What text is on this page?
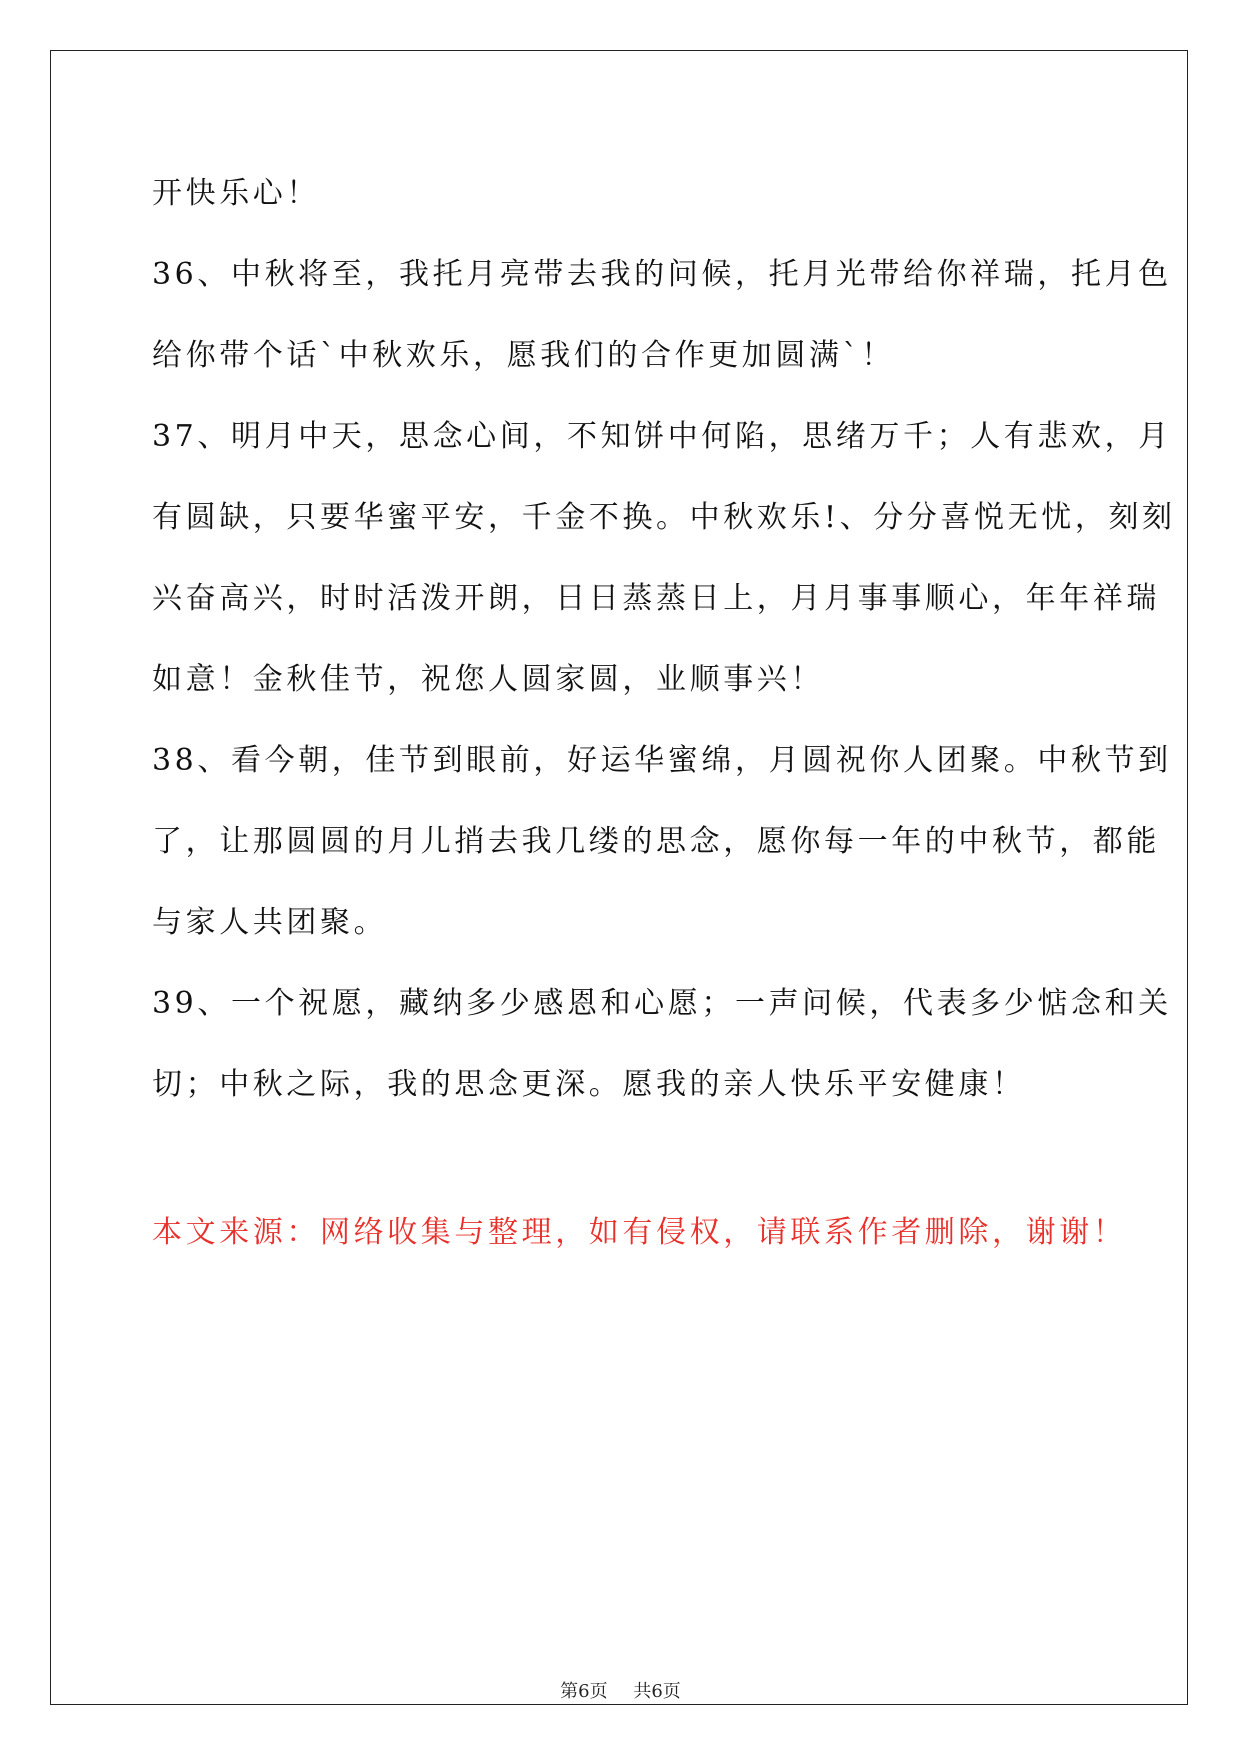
开快乐心！
36、中秋将至，我托月亮带去我的问候，托月光带给你祥瑞，托月色
给你带个话`中秋欢乐，愿我们的合作更加圆满`！
37、明月中天，思念心间，不知饼中何陷，思绪万千；人有悲欢，月
有圆缺，只要华蜜平安，千金不换。中秋欢乐!、分分喜悦无忧，刻刻
兴奋高兴，时时活泼开朗，日日蒸蒸日上，月月事事顺心，年年祥瑞
如意！金秋佳节，祝您人圆家圆，业顺事兴！
38、看今朝，佳节到眼前，好运华蜜绵，月圆祝你人团聚。中秋节到
了，让那圆圆的月儿捎去我几缕的思念，愿你每一年的中秋节，都能
与家人共团聚。
39、一个祝愿，藏纳多少感恩和心愿；一声问候，代表多少惦念和关
切；中秋之际，我的思念更深。愿我的亲人快乐平安健康！
本文来源：网络收集与整理，如有侵权，请联系作者删除，谢谢！
第6页 共6页
